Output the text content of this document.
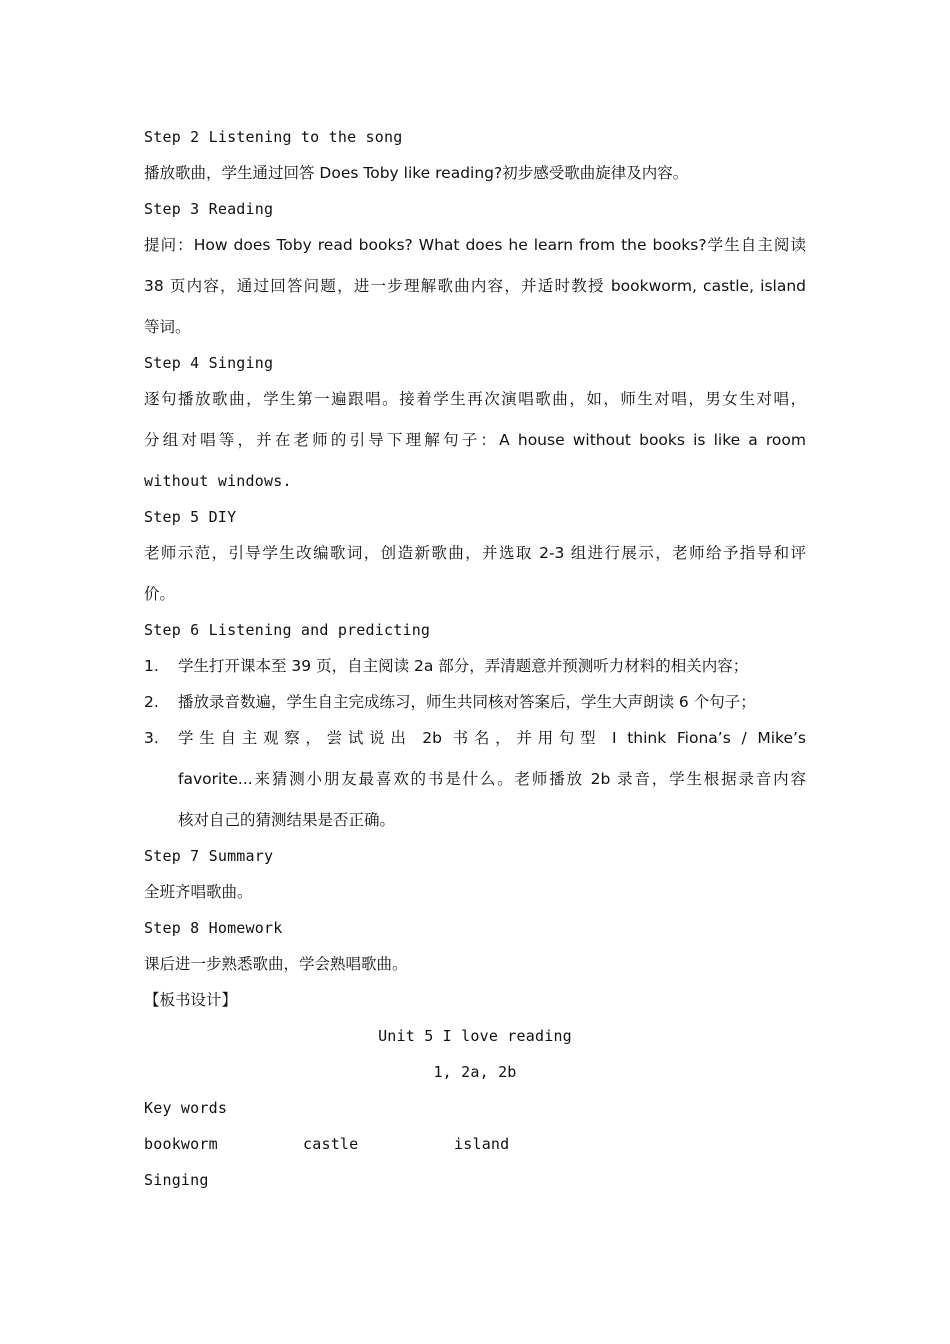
Step 2 Listening to the song
播放歌曲，学生通过回答 Does Toby like reading?初步感受歌曲旋律及内容。
Step 3 Reading
提问：How does Toby read books? What does he learn from the books?学生自主阅读
38 页内容，通过回答问题，进一步理解歌曲内容，并适时教授 bookworm, castle, island
等词。
Step 4 Singing
逐句播放歌曲，学生第一遍跟唱。接着学生再次演唱歌曲，如，师生对唱，男女生对唱，
分组对唱等，并在老师的引导下理解句子：A house without books is like a room
without windows.
Step 5 DIY
老师示范，引导学生改编歌词，创造新歌曲，并选取 2-3 组进行展示，老师给予指导和评
价。
Step 6 Listening and predicting
1. 学生打开课本至 39 页，自主阅读 2a 部分，弄清题意并预测听力材料的相关内容；
2. 播放录音数遍，学生自主完成练习，师生共同核对答案后，学生大声朗读 6 个句子；
3.	学生自主观察，尝试说出 2b 书名，并用句型 I think Fiona’s / Mike’s
favorite...来猜测小朋友最喜欢的书是什么。老师播放 2b 录音，学生根据录音内容
核对自己的猜测结果是否正确。
Step 7 Summary
全班齐唱歌曲。
Step 8 Homework
课后进一步熟悉歌曲，学会熟唱歌曲。
【板书设计】
Unit 5 I love reading
1, 2a, 2b
Key words
bookworm	castle	island
Singing
